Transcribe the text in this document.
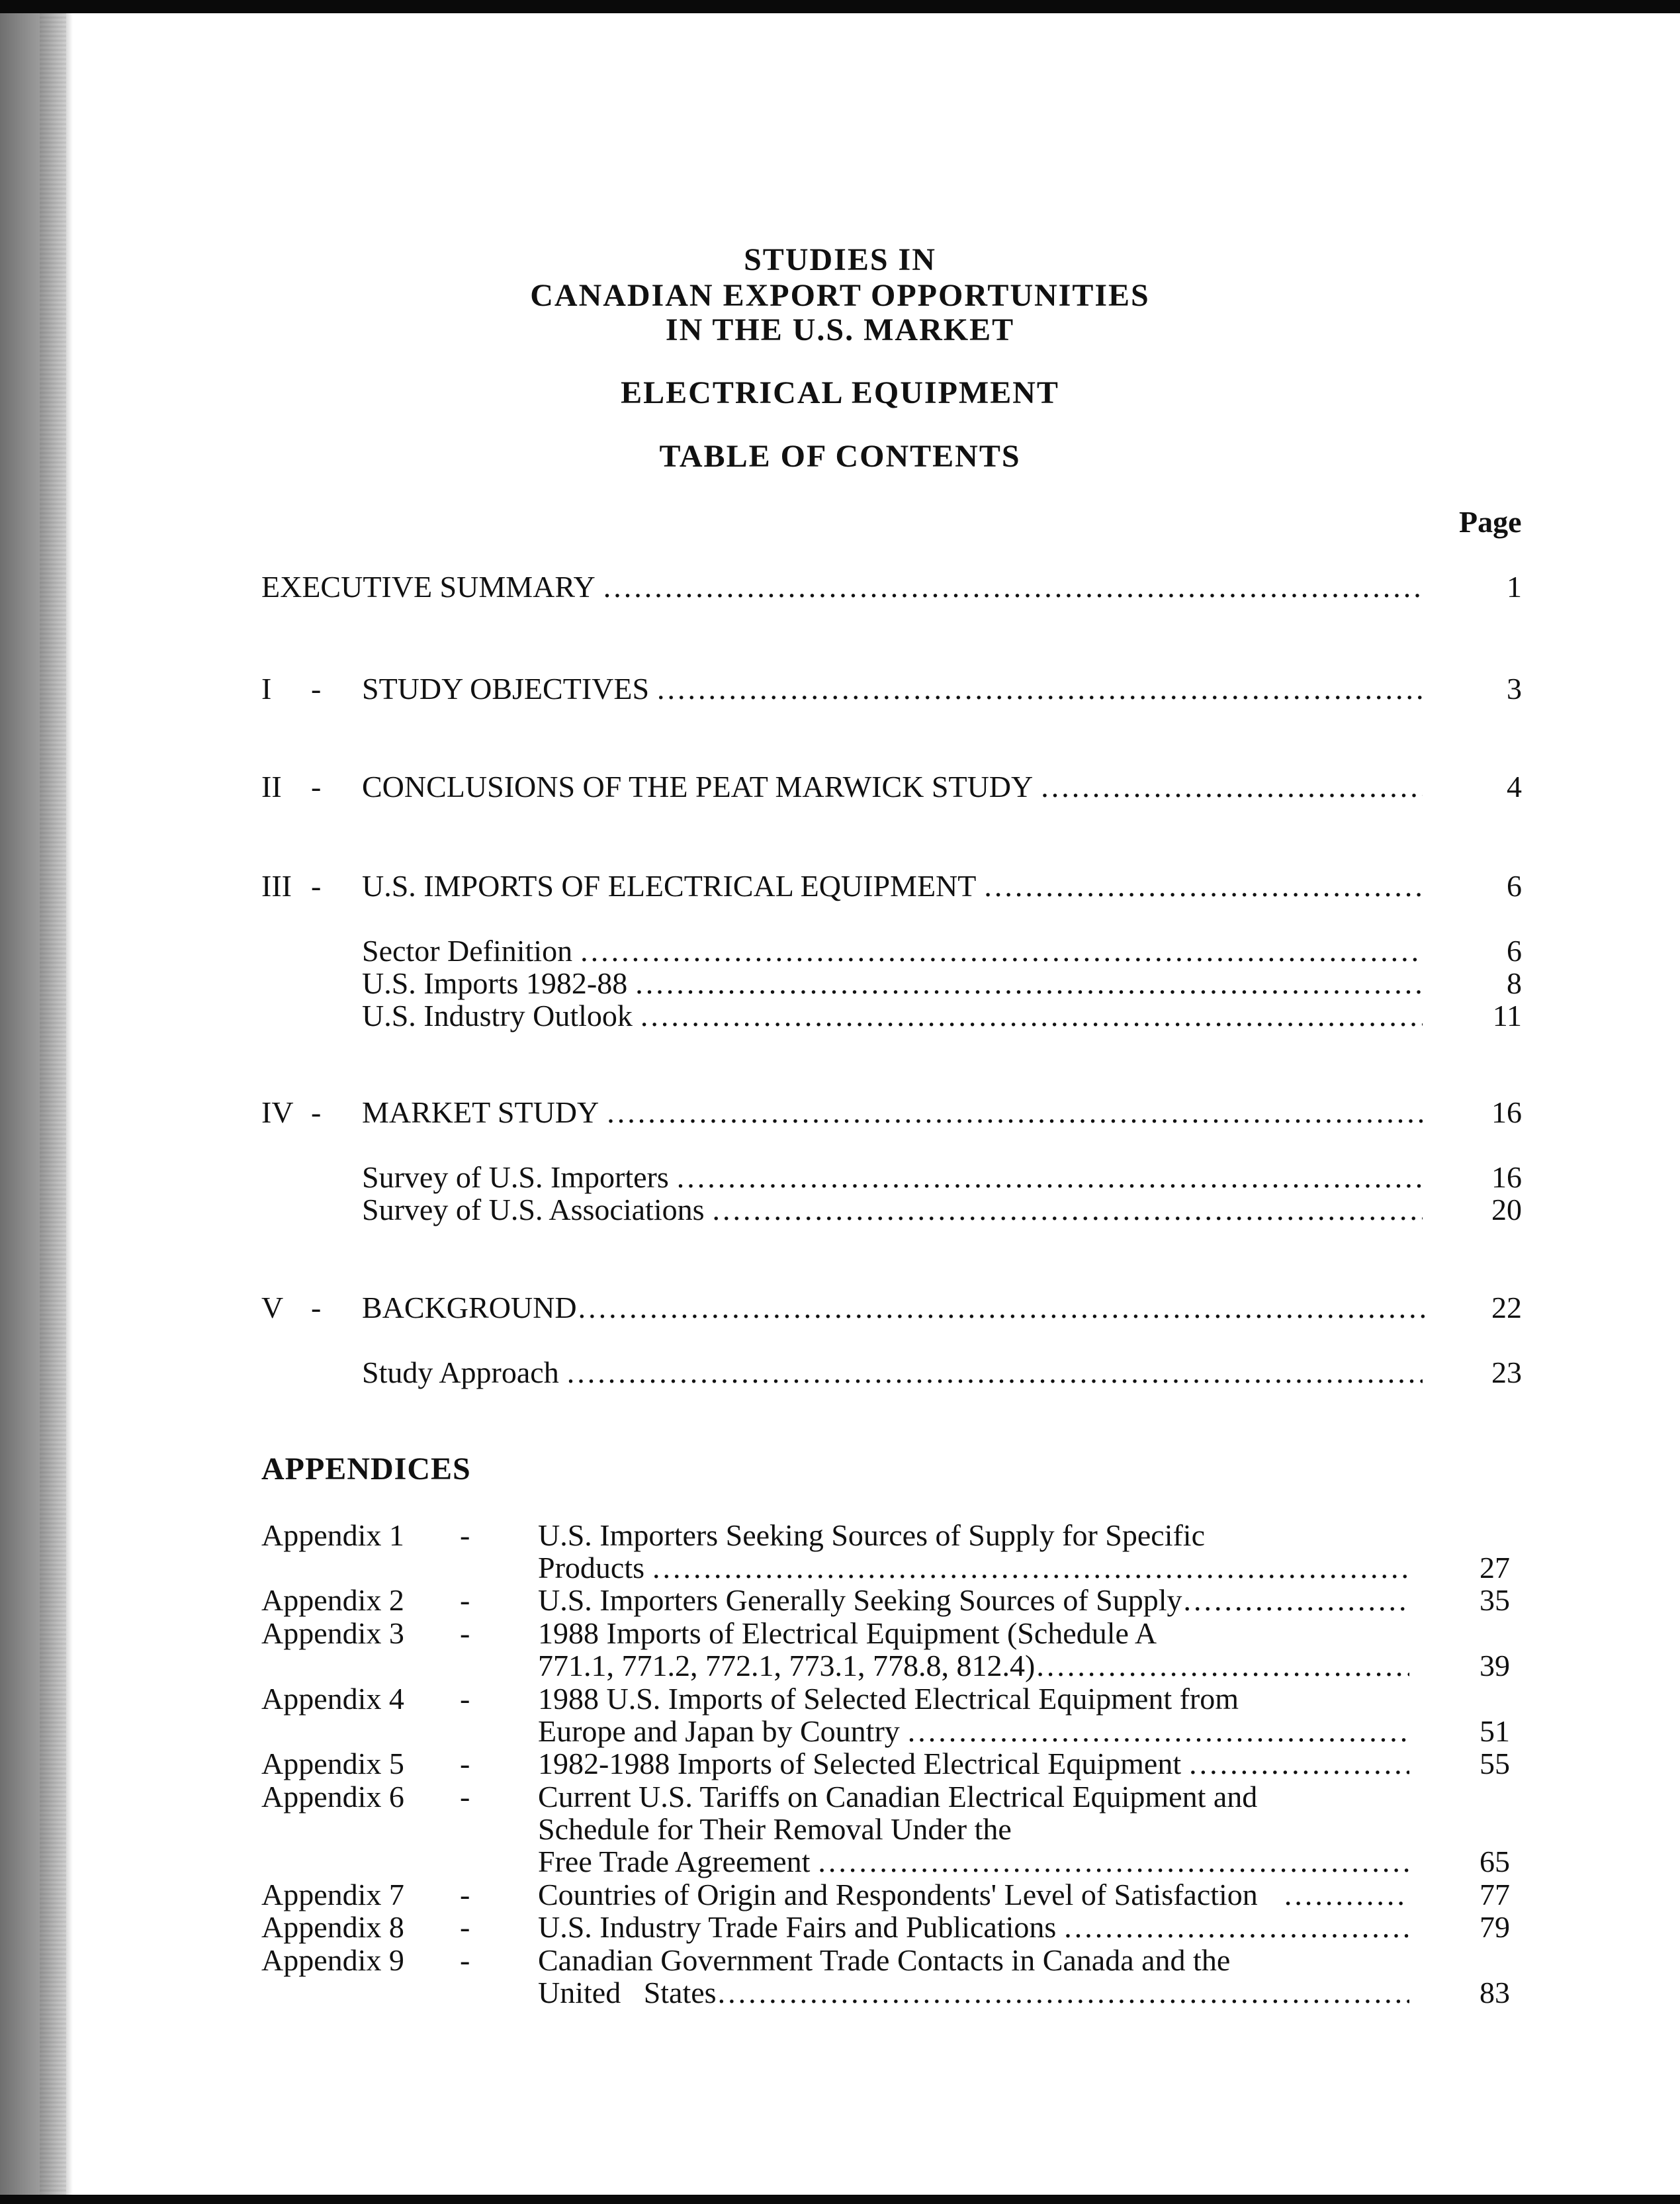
STUDIES IN
CANADIAN EXPORT OPPORTUNITIES
IN THE U.S. MARKET
ELECTRICAL EQUIPMENT
TABLE OF CONTENTS
Page
EXECUTIVE SUMMARY .....	1
I	- STUDY OBJECTIVES .....	3
II - CONCLUSIONS OF THE PEAT MARWICK STUDY .....	4
III - U.S. IMPORTS OF ELECTRICAL EQUIPMENT .....	6
Sector Definition .....	6
U.S. Imports 1982-88 .....	8
U.S. Industry Outlook .....	11
IV - MARKET STUDY .....	16
Survey of U.S. Importers .....	16
Survey of U.S. Associations .....	20
V - BACKGROUND .....	22
Study Approach .....	23
APPENDICES
Appendix 1 - U.S. Importers Seeking Sources of Supply for Specific
Products .....	27
Appendix 2 - U.S. Importers Generally Seeking Sources of Supply .....	35
Appendix 3 - 1988 Imports of Electrical Equipment (Schedule A
771.1, 771.2, 772.1, 773.1, 778.8, 812.4) .....	39
Appendix 4 - 1988 U.S. Imports of Selected Electrical Equipment from
Europe and Japan by Country .....	51
Appendix 5 - 1982-1988 Imports of Selected Electrical Equipment .....	55
Appendix 6 - Current U.S. Tariffs on Canadian Electrical Equipment and
Schedule for Their Removal Under the
Free Trade Agreement .....	65
Appendix 7 - Countries of Origin and Respondents' Level of Satisfaction .....	77
Appendix 8 - U.S. Industry Trade Fairs and Publications .....	79
Appendix 9 - Canadian Government Trade Contacts in Canada and the
United   States .....	83
